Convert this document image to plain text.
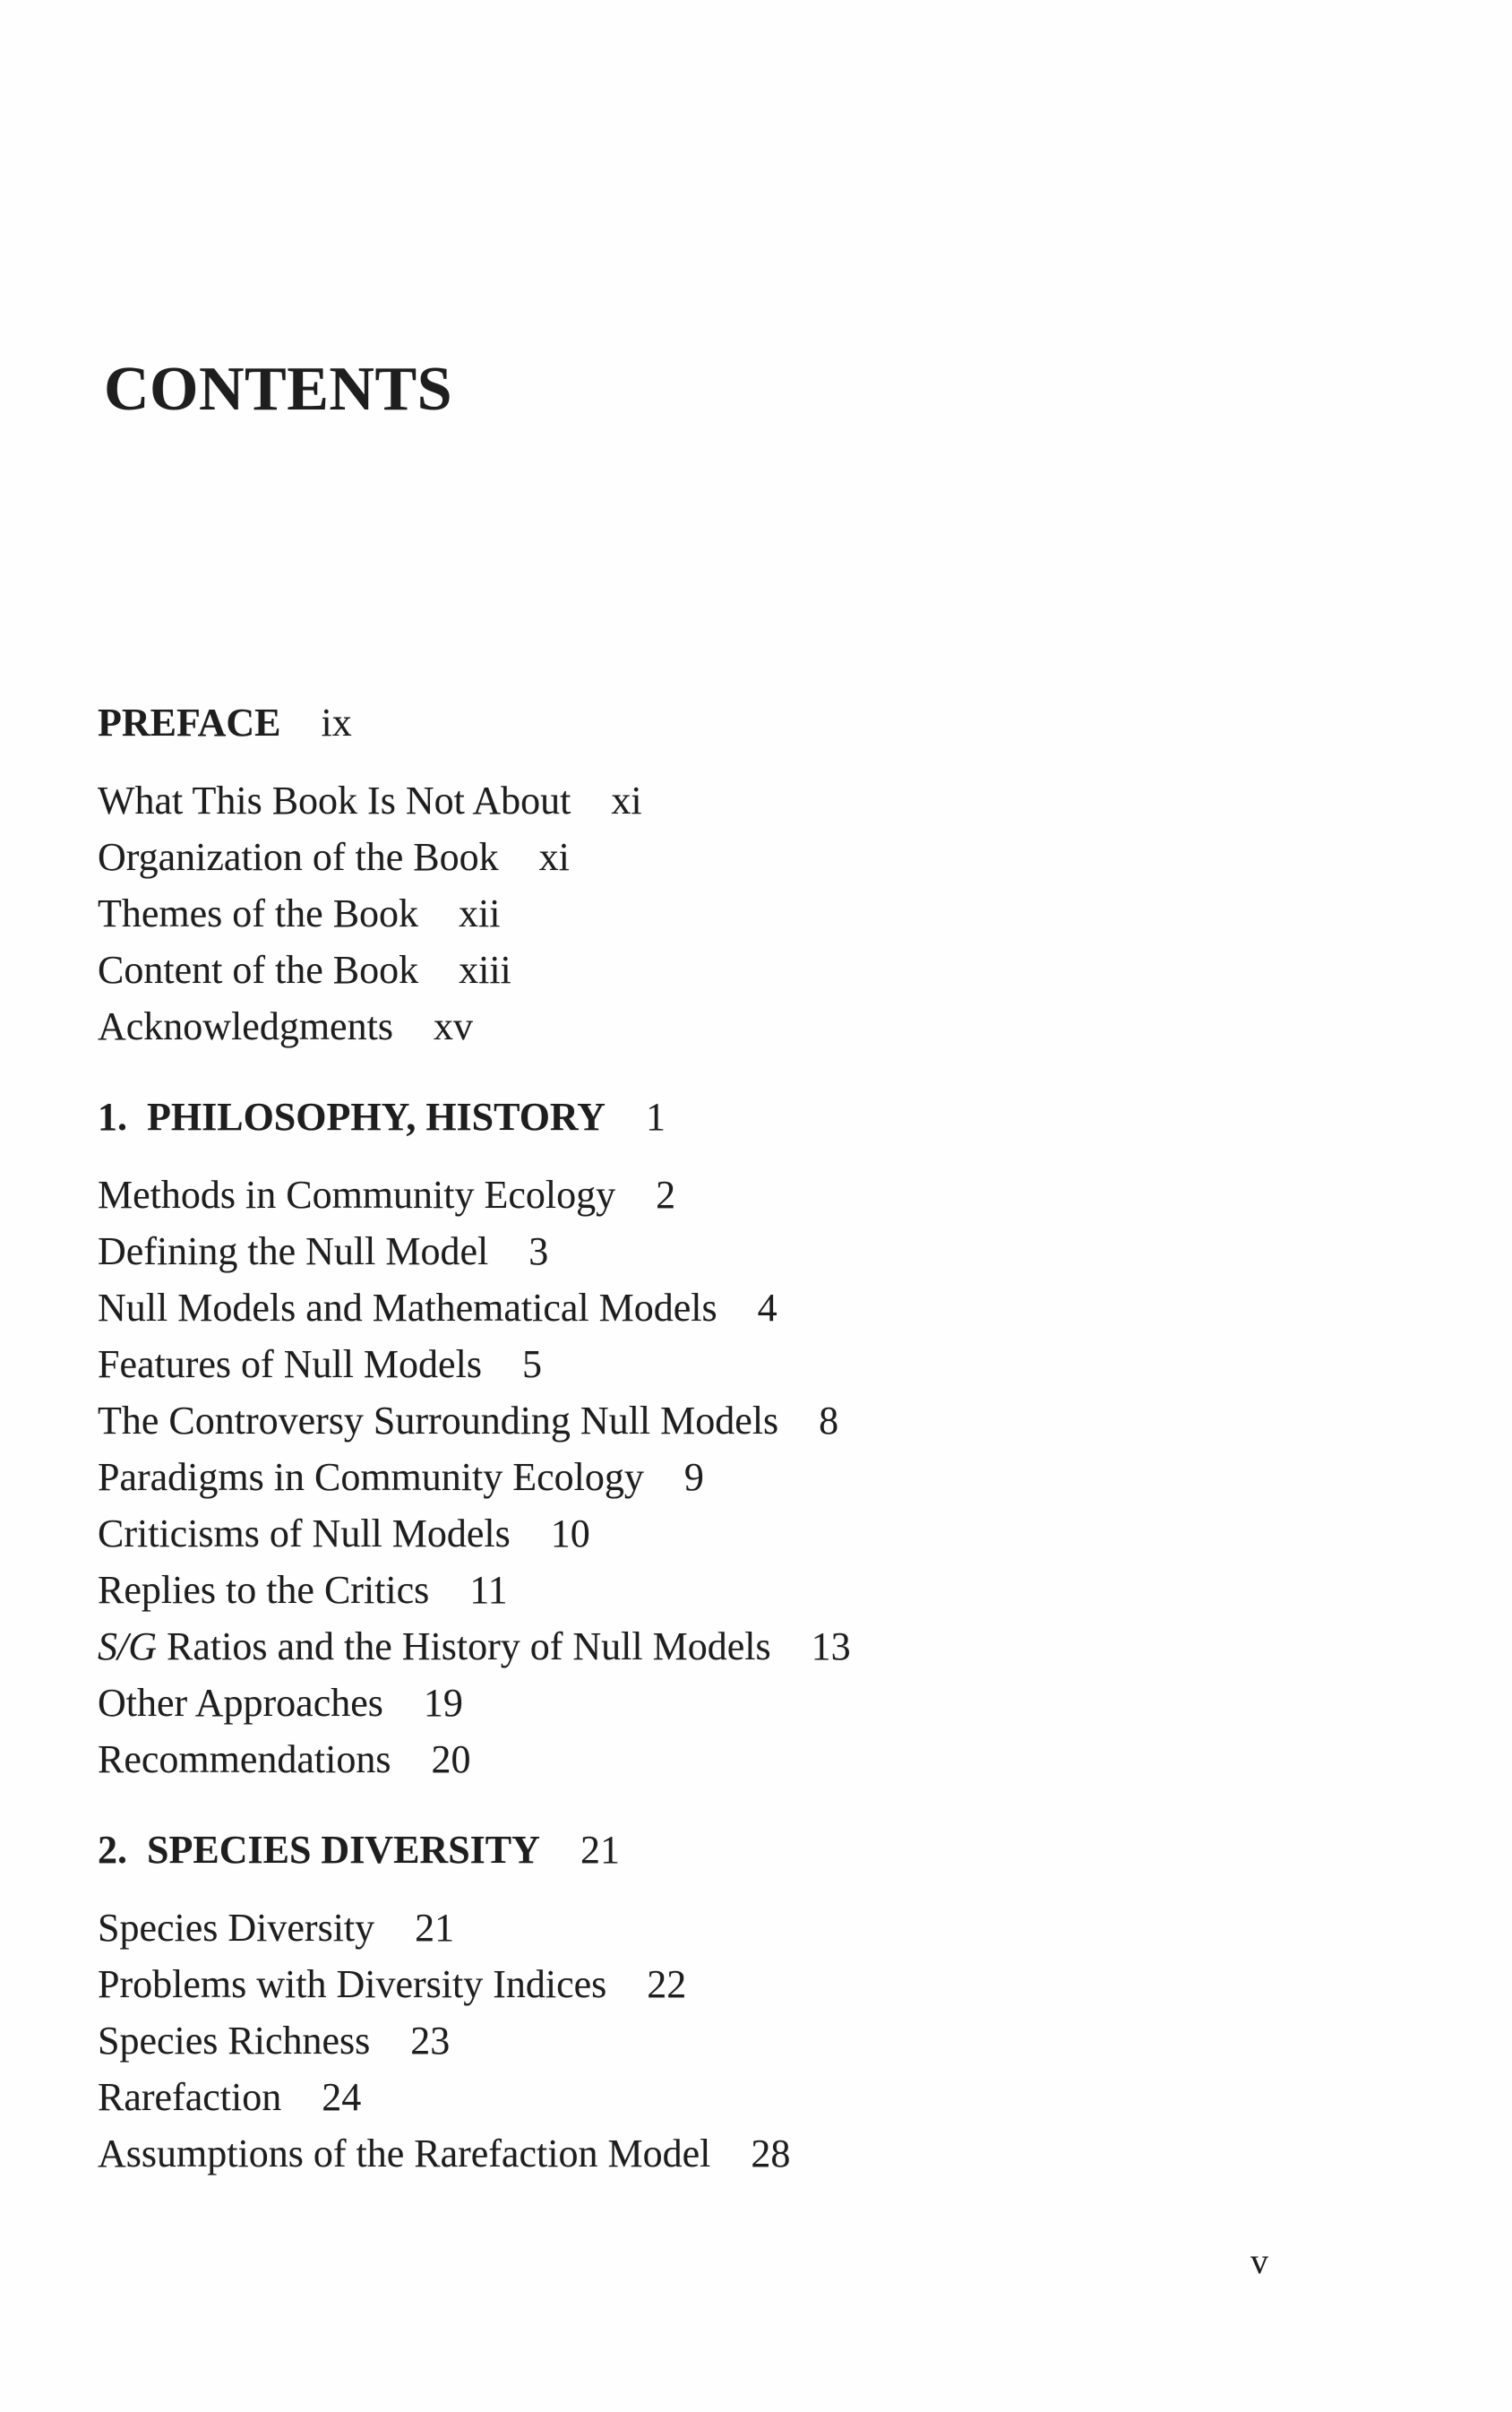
CONTENTS
PREFACE ix
What This Book Is Not About xi
Organization of the Book xi
Themes of the Book xii
Content of the Book xiii
Acknowledgments xv
1. PHILOSOPHY, HISTORY 1
Methods in Community Ecology 2
Defining the Null Model 3
Null Models and Mathematical Models 4
Features of Null Models 5
The Controversy Surrounding Null Models 8
Paradigms in Community Ecology 9
Criticisms of Null Models 10
Replies to the Critics 11
S/G Ratios and the History of Null Models 13
Other Approaches 19
Recommendations 20
2. SPECIES DIVERSITY 21
Species Diversity 21
Problems with Diversity Indices 22
Species Richness 23
Rarefaction 24
Assumptions of the Rarefaction Model 28
v
